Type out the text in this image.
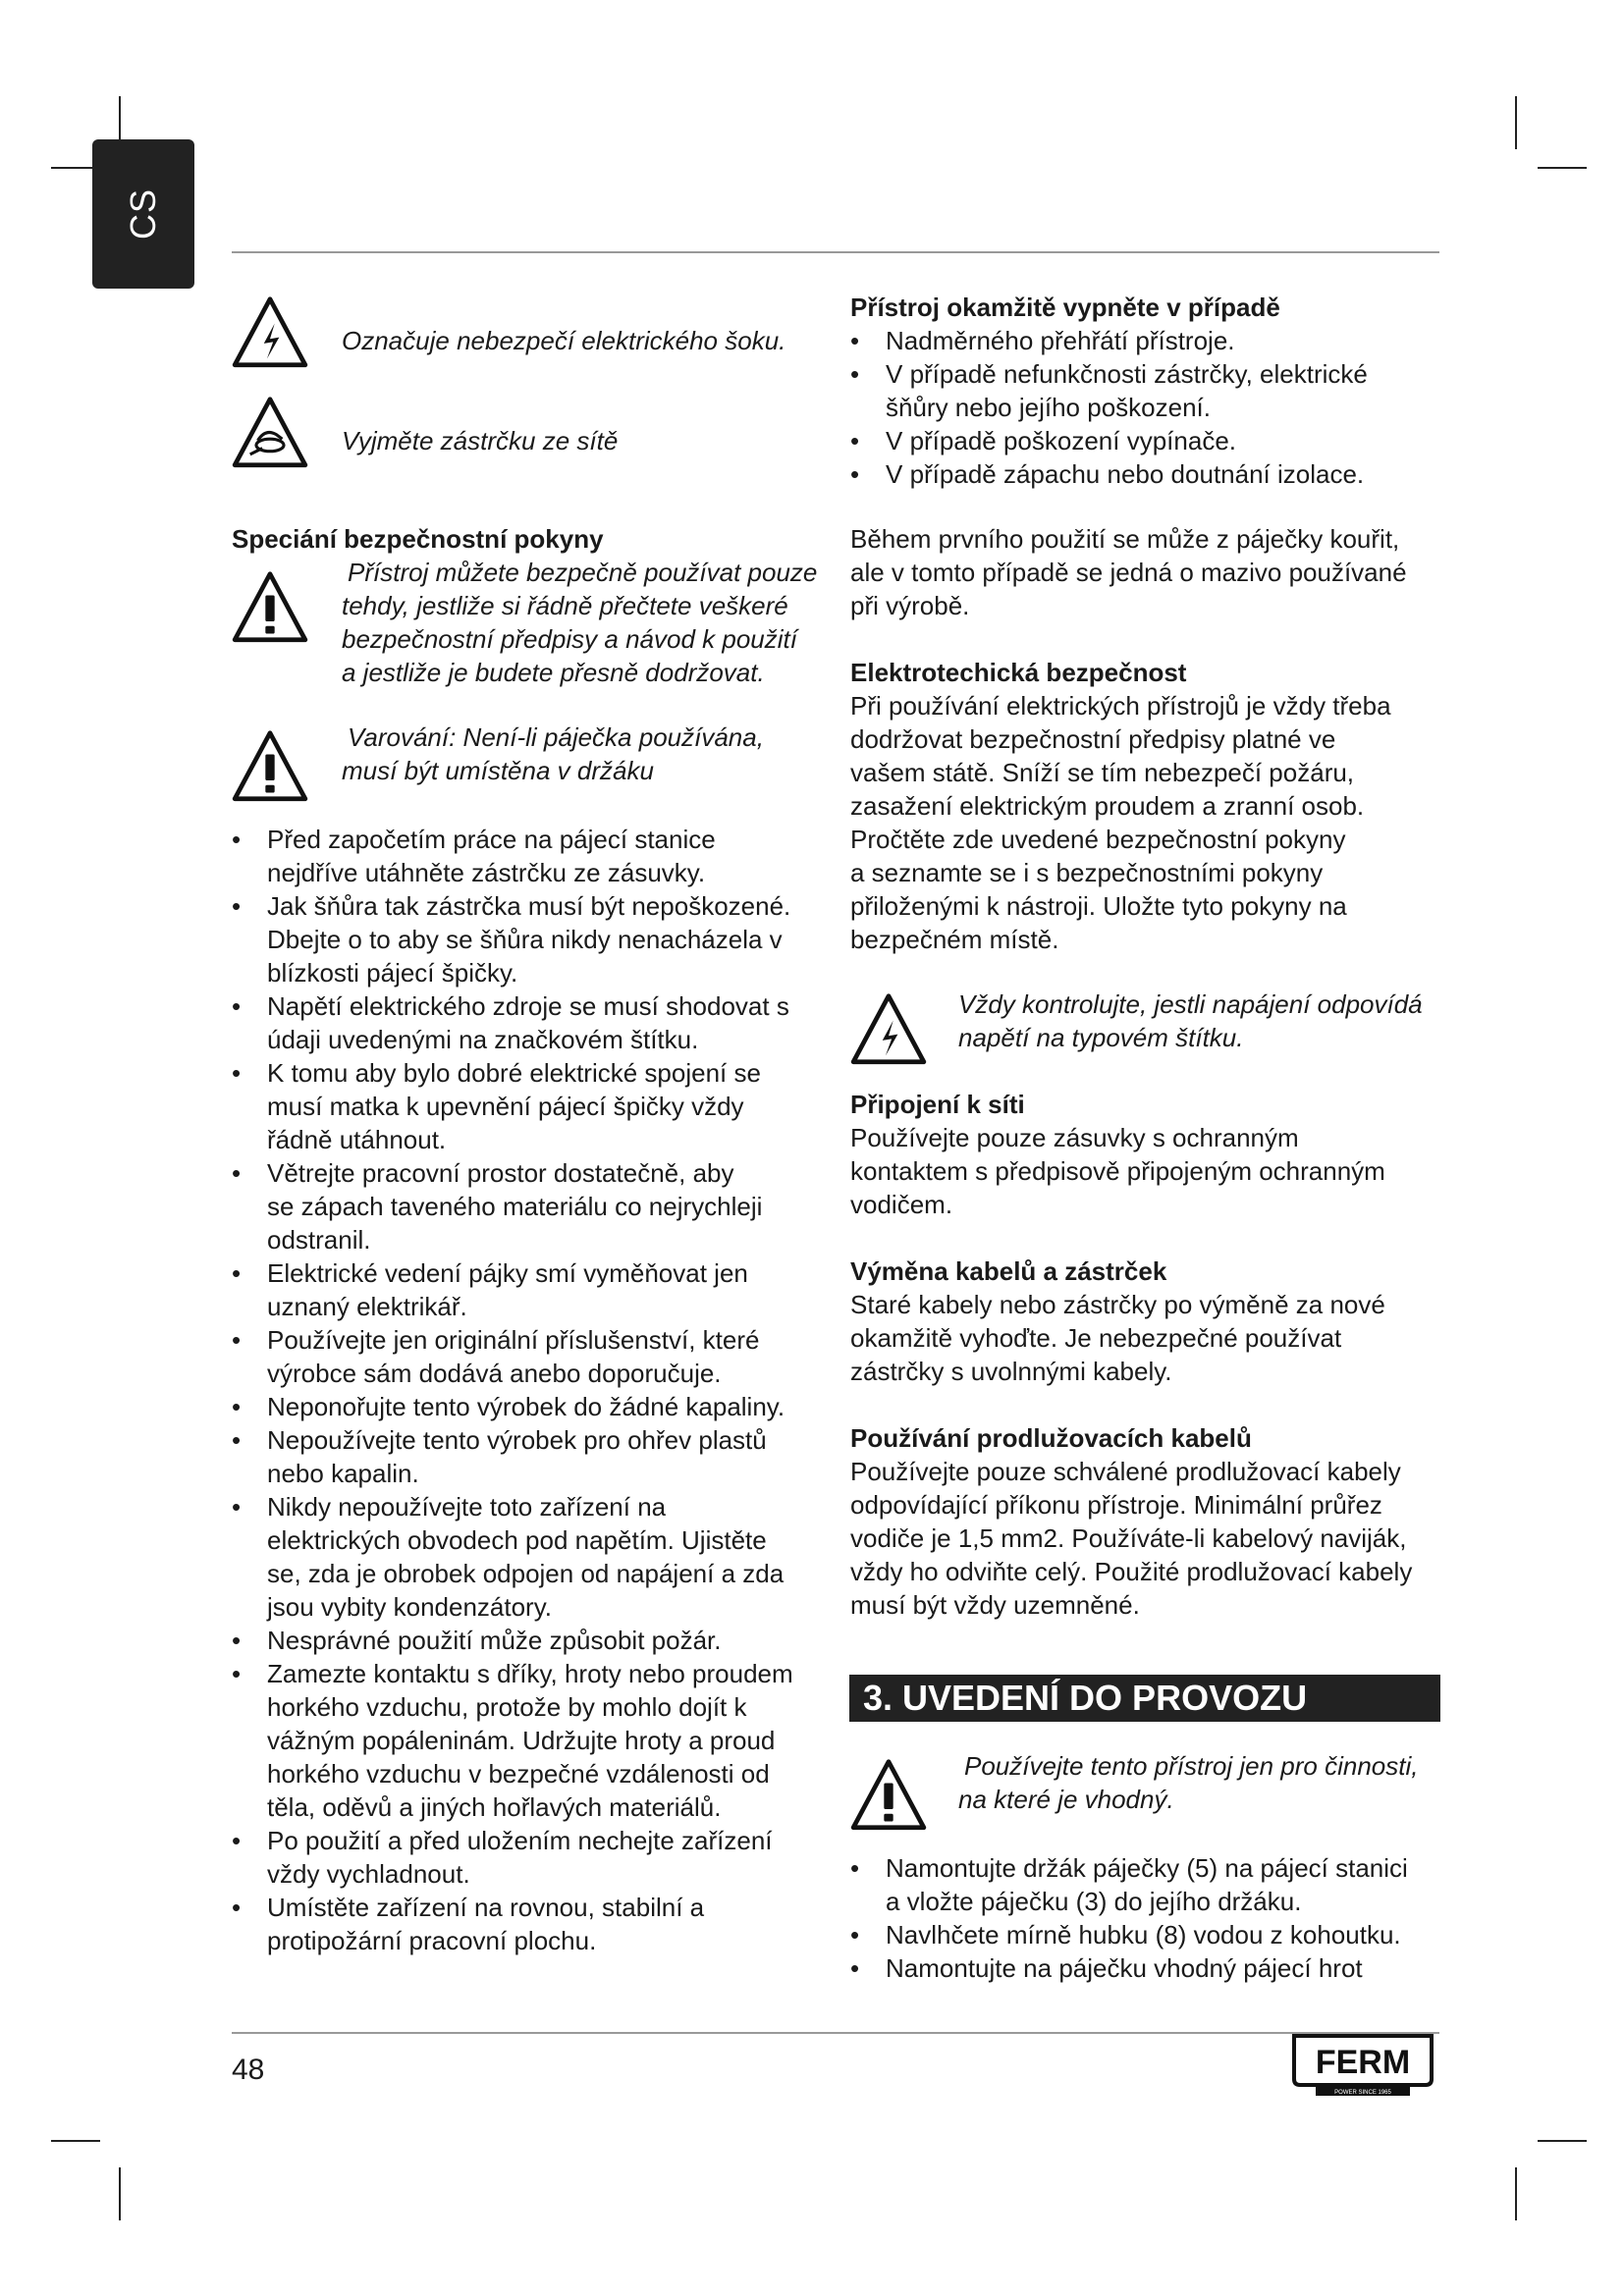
CS
Označuje nebezpečí elektrického šoku.
Vyjměte zástrčku ze sítě

Speciání bezpečnostní pokyny

Přístroj můžete bezpečně používat pouze

tehdy, jestliže si řádně přečtete veškeré

bezpečnostní předpisy a návod k použití

a jestliže je budete přesně dodržovat.

Varování: Není-li páječka používána,

musí být umístěna v držáku

• Před započetím práce na pájecí stanice

nejdříve utáhněte zástrčku ze zásuvky.

• Jak šňůra tak zástrčka musí být nepoškozené.

Dbejte o to aby se šňůra nikdy nenacházela v

blízkosti pájecí špičky.

• Napětí elektrického zdroje se musí shodovat s

údaji uvedenými na značkovém štítku.

• K tomu aby bylo dobré elektrické spojení se

musí matka k upevnění pájecí špičky vždy

řádně utáhnout.

• Větrejte pracovní prostor dostatečně, aby

se zápach taveného materiálu co nejrychleji

odstranil.

• Elektrické vedení pájky smí vyměňovat jen

uznaný elektrikář.

• Používejte jen originální příslušenství, které

výrobce sám dodává anebo doporučuje.

• Neponořujte tento výrobek do žádné kapaliny.

• Nepoužívejte tento výrobek pro ohřev plastů

nebo kapalin.

• Nikdy nepoužívejte toto zařízení na

elektrických obvodech pod napětím. Ujistěte

se, zda je obrobek odpojen od napájení a zda

jsou vybity kondenzátory.

• Nesprávné použití může způsobit požár.

• Zamezte kontaktu s dříky, hroty nebo proudem

horkého vzduchu, protože by mohlo dojít k

vážným popáleninám. Udržujte hroty a proud

horkého vzduchu v bezpečné vzdálenosti od

těla, oděvů a jiných hořlavých materiálů.

• Po použití a před uložením nechejte zařízení

vždy vychladnout.

• Umístěte zařízení na rovnou, stabilní a

protipožární pracovní plochu.

Přístroj okamžitě vypněte v případě

• Nadměrného přehřátí přístroje.

• V případě nefunkčnosti zástrčky, elektrické

šňůry nebo jejího poškození.

• V případě poškození vypínače.

• V případě zápachu nebo doutnání izolace.

Během prvního použití se může z páječky kouřit,

ale v tomto případě se jedná o mazivo používané

při výrobě.

Elektrotechická bezpečnost

Při používání elektrických přístrojů je vždy třeba

dodržovat bezpečnostní předpisy platné ve

vašem státě. Sníží se tím nebezpečí požáru,

zasažení elektrickým proudem a zranní osob.

Pročtěte zde uvedené bezpečnostní pokyny

a seznamte se i s bezpečnostními pokyny

přiloženými k nástroji. Uložte tyto pokyny na

bezpečném místě.

Vždy kontrolujte, jestli napájení odpovídá

napětí na typovém štítku.

Připojení k síti

Používejte pouze zásuvky s ochranným

kontaktem s předpisově připojeným ochranným

vodičem.

Výměna kabelů a zástrček

Staré kabely nebo zástrčky po výměně za nové

okamžitě vyhoďte. Je nebezpečné používat

zástrčky s uvolnnými kabely.

Používání prodlužovacích kabelů

Používejte pouze schválené prodlužovací kabely

odpovídající příkonu přístroje. Minimální průřez

vodiče je 1,5 mm2. Používáte-li kabelový naviják,

vždy ho odviňte celý. Použité prodlužovací kabely

musí být vždy uzemněné.

3. UVEDENÍ DO PROVOZU

Používejte tento přístroj jen pro činnosti,

na které je vhodný.

• Namontujte držák páječky (5) na pájecí stanici

a vložte páječku (3) do jejího držáku.

• Navlhčete mírně hubku (8) vodou z kohoutku.

• Namontujte na páječku vhodný pájecí hrot

48	FERM
POWER SINCE 1965
